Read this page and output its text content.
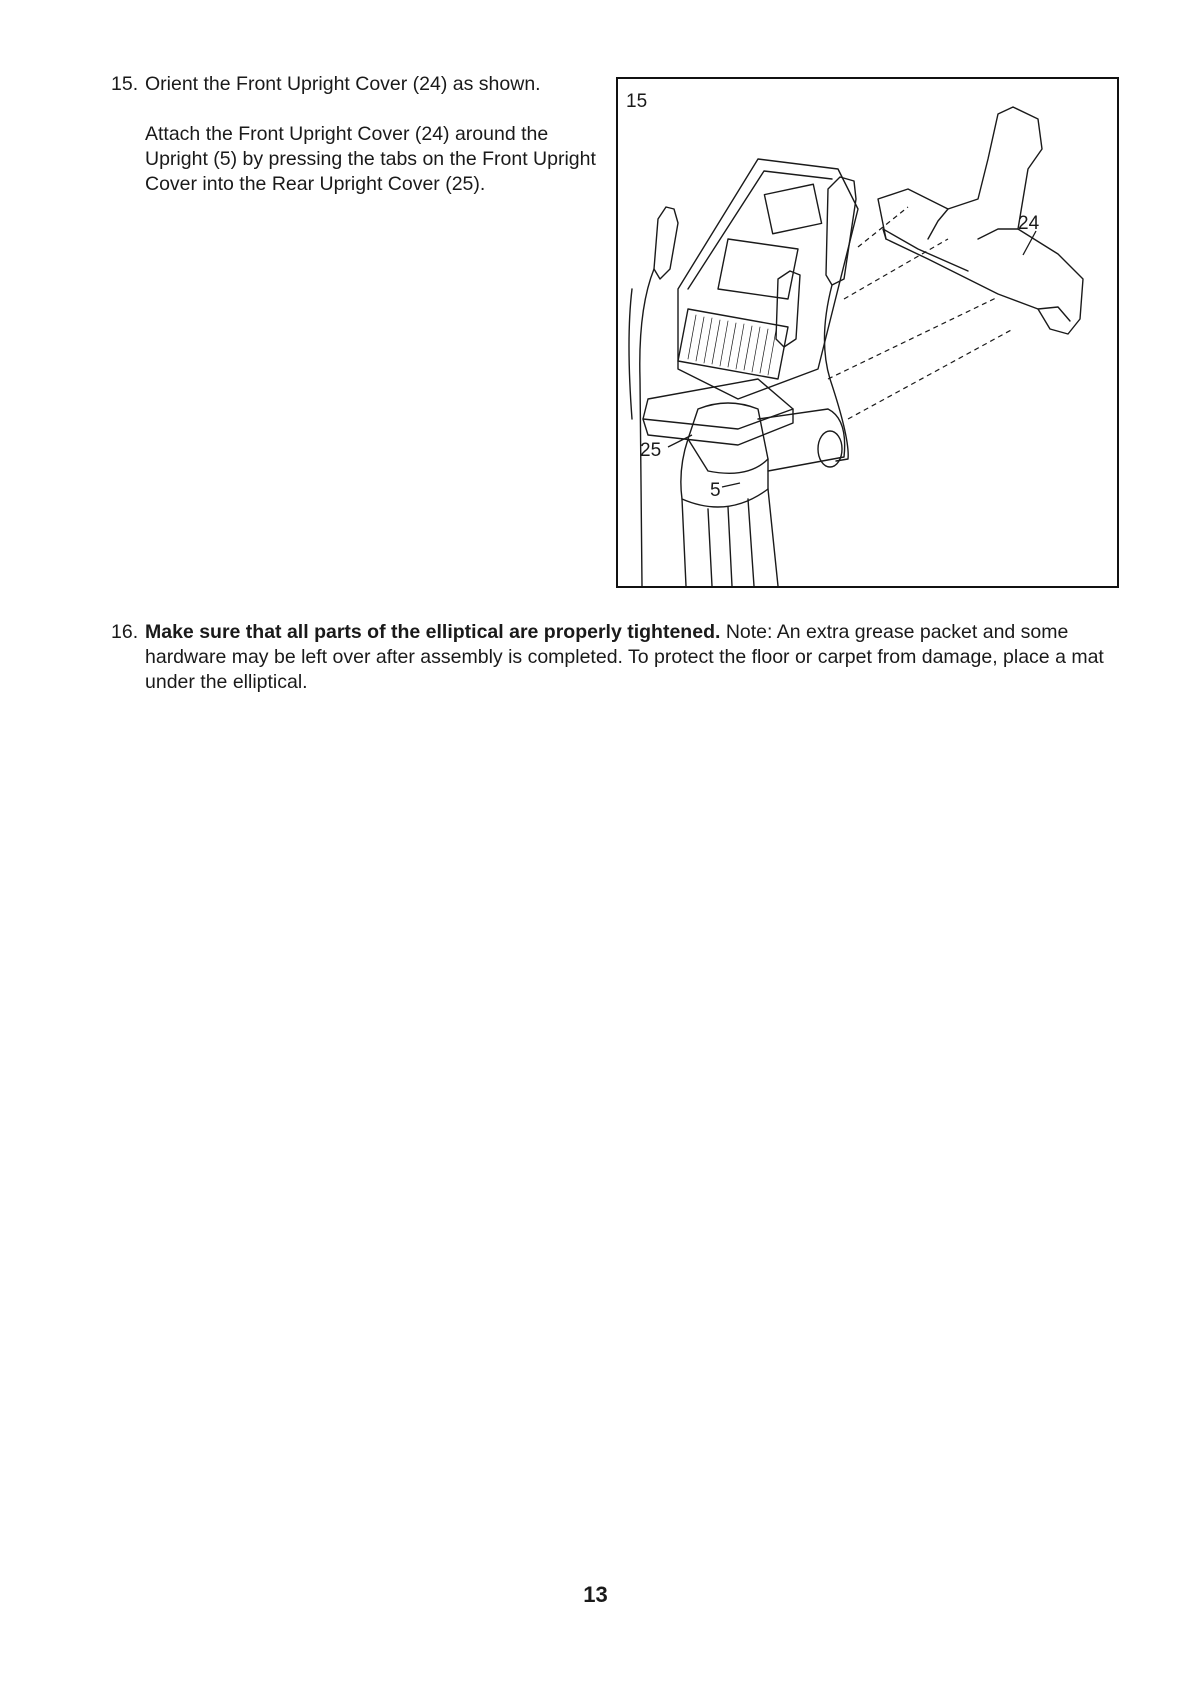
15. Orient the Front Upright Cover (24) as shown.

Attach the Front Upright Cover (24) around the Upright (5) by pressing the tabs on the Front Upright Cover into the Rear Upright Cover (25).

15
24
25
5
16. Make sure that all parts of the elliptical are properly tightened. Note: An extra grease packet and some hardware may be left over after assembly is completed. To protect the floor or carpet from damage, place a mat under the elliptical.

13
